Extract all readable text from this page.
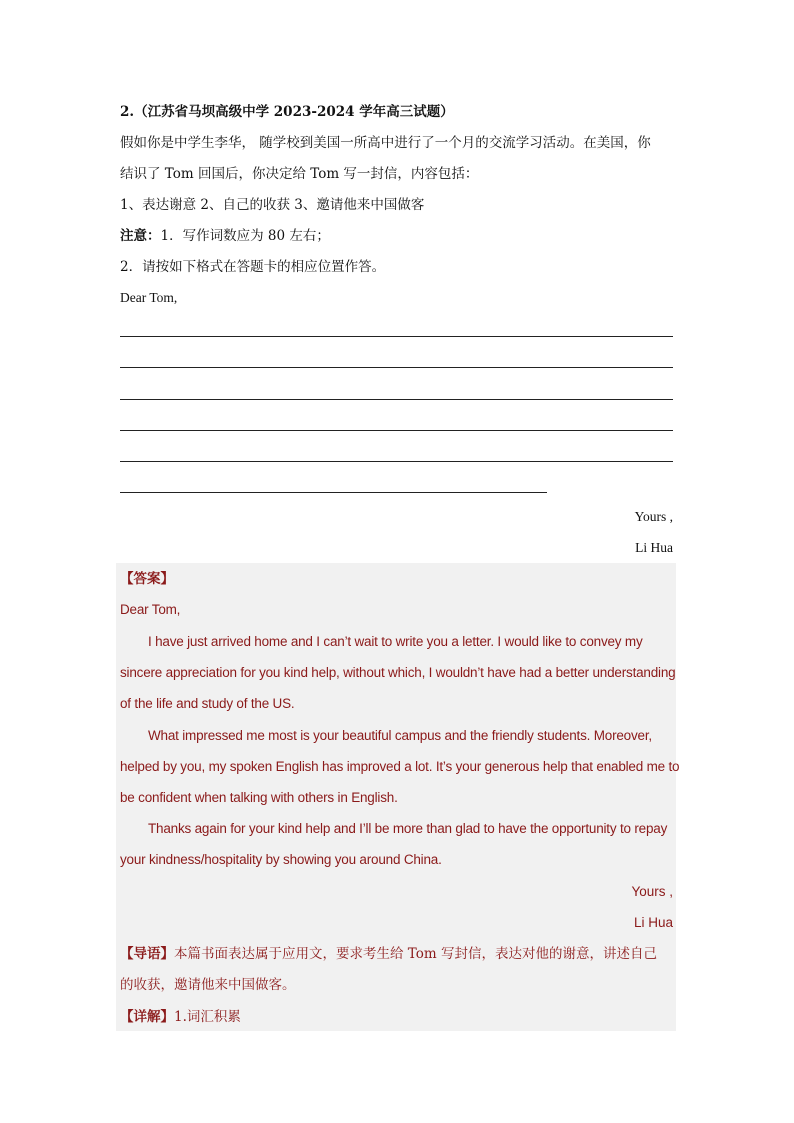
2.（江苏省马坝高级中学 2023-2024 学年高三试题）
假如你是中学生李华， 随学校到美国一所高中进行了一个月的交流学习活动。在美国，你
结识了 Tom 回国后，你决定给 Tom 写一封信，内容包括：
1、表达谢意 2、自己的收获 3、邀请他来中国做客
注意：1．写作词数应为 80 左右；
2．请按如下格式在答题卡的相应位置作答。
Dear Tom,
Yours ,
Li Hua
【答案】
Dear Tom,
I have just arrived home and I can’t wait to write you a letter. I would like to convey my
sincere appreciation for you kind help, without which, I wouldn’t have had a better understanding
of the life and study of the US.
What impressed me most is your beautiful campus and the friendly students. Moreover,
helped by you, my spoken English has improved a lot. It’s your generous help that enabled me to
be confident when talking with others in English.
Thanks again for your kind help and I’ll be more than glad to have the opportunity to repay
your kindness/hospitality by showing you around China.
Yours ,
Li Hua
【导语】本篇书面表达属于应用文，要求考生给 Tom 写封信，表达对他的谢意，讲述自己
的收获，邀请他来中国做客。
【详解】1.词汇积累
